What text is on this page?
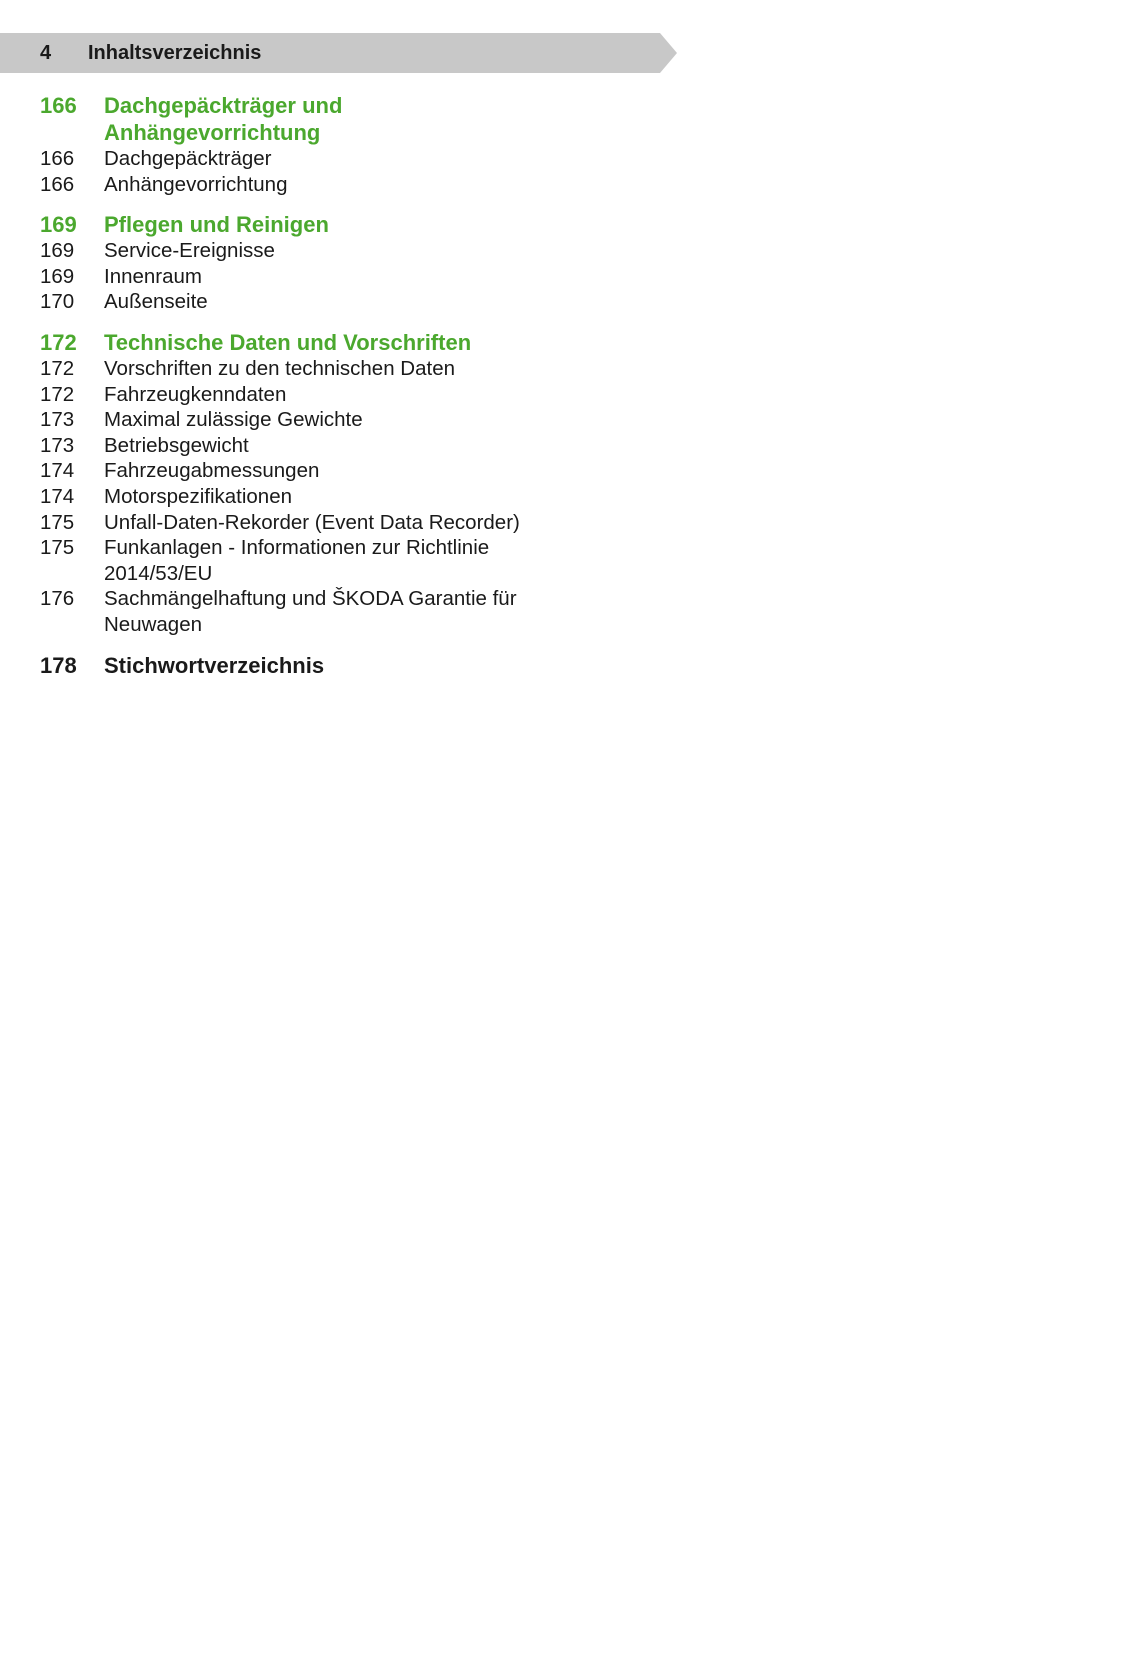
4 Inhaltsverzeichnis
166	Dachgepäckträger und Anhängevorrichtung
166	Dachgepäckträger
166	Anhängevorrichtung
169	Pflegen und Reinigen
169	Service-Ereignisse
169	Innenraum
170	Außenseite
172	Technische Daten und Vorschriften
172	Vorschriften zu den technischen Daten
172	Fahrzeugkenndaten
173	Maximal zulässige Gewichte
173	Betriebsgewicht
174	Fahrzeugabmessungen
174	Motorspezifikationen
175	Unfall-Daten-Rekorder (Event Data Recorder)
175	Funkanlagen - Informationen zur Richtlinie 2014/53/EU
176	Sachmängelhaftung und ŠKODA Garantie für Neuwagen
178	Stichwortverzeichnis
